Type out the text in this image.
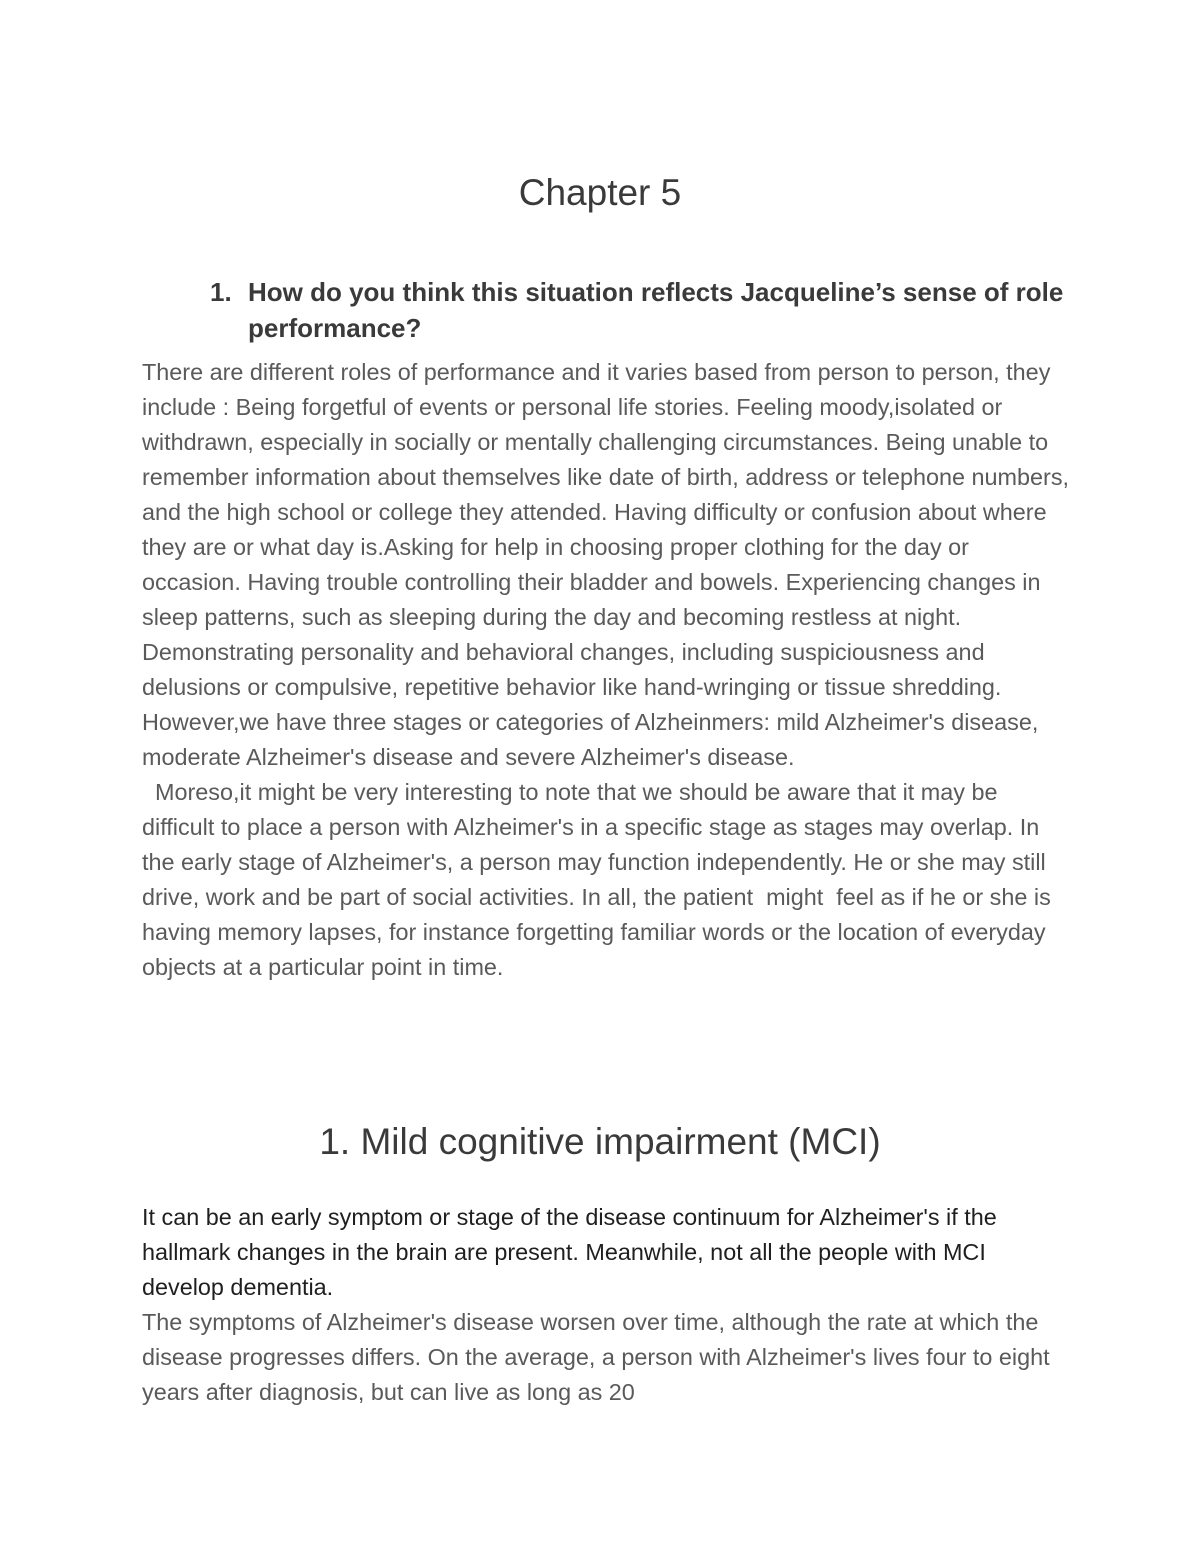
Chapter 5
1. How do you think this situation reflects Jacqueline’s sense of role performance?

There are different roles of performance and it varies based from person to person, they include : Being forgetful of events or personal life stories. Feeling moody,isolated or withdrawn, especially in socially or mentally challenging circumstances. Being unable to remember information about themselves like date of birth, address or telephone numbers, and the high school or college they attended. Having difficulty or confusion about where they are or what day is.Asking for help in choosing proper clothing for the day or occasion. Having trouble controlling their bladder and bowels. Experiencing changes in sleep patterns, such as sleeping during the day and becoming restless at night. Demonstrating personality and behavioral changes, including suspiciousness and delusions or compulsive, repetitive behavior like hand-wringing or tissue shredding.

However,we have three stages or categories of Alzheinmers: mild Alzheimer's disease, moderate Alzheimer's disease and severe Alzheimer's disease.

Moreso,it might be very interesting to note that we should be aware that it may be difficult to place a person with Alzheimer's in a specific stage as stages may overlap. In the early stage of Alzheimer's, a person may function independently. He or she may still drive, work and be part of social activities. In all, the patient  might  feel as if he or she is having memory lapses, for instance forgetting familiar words or the location of everyday objects at a particular point in time.

1. Mild cognitive impairment (MCI)

It can be an early symptom or stage of the disease continuum for Alzheimer's if the hallmark changes in the brain are present. Meanwhile, not all the people with MCI develop dementia.

The symptoms of Alzheimer's disease worsen over time, although the rate at which the disease progresses differs. On the average, a person with Alzheimer's lives four to eight years after diagnosis, but can live as long as 20
